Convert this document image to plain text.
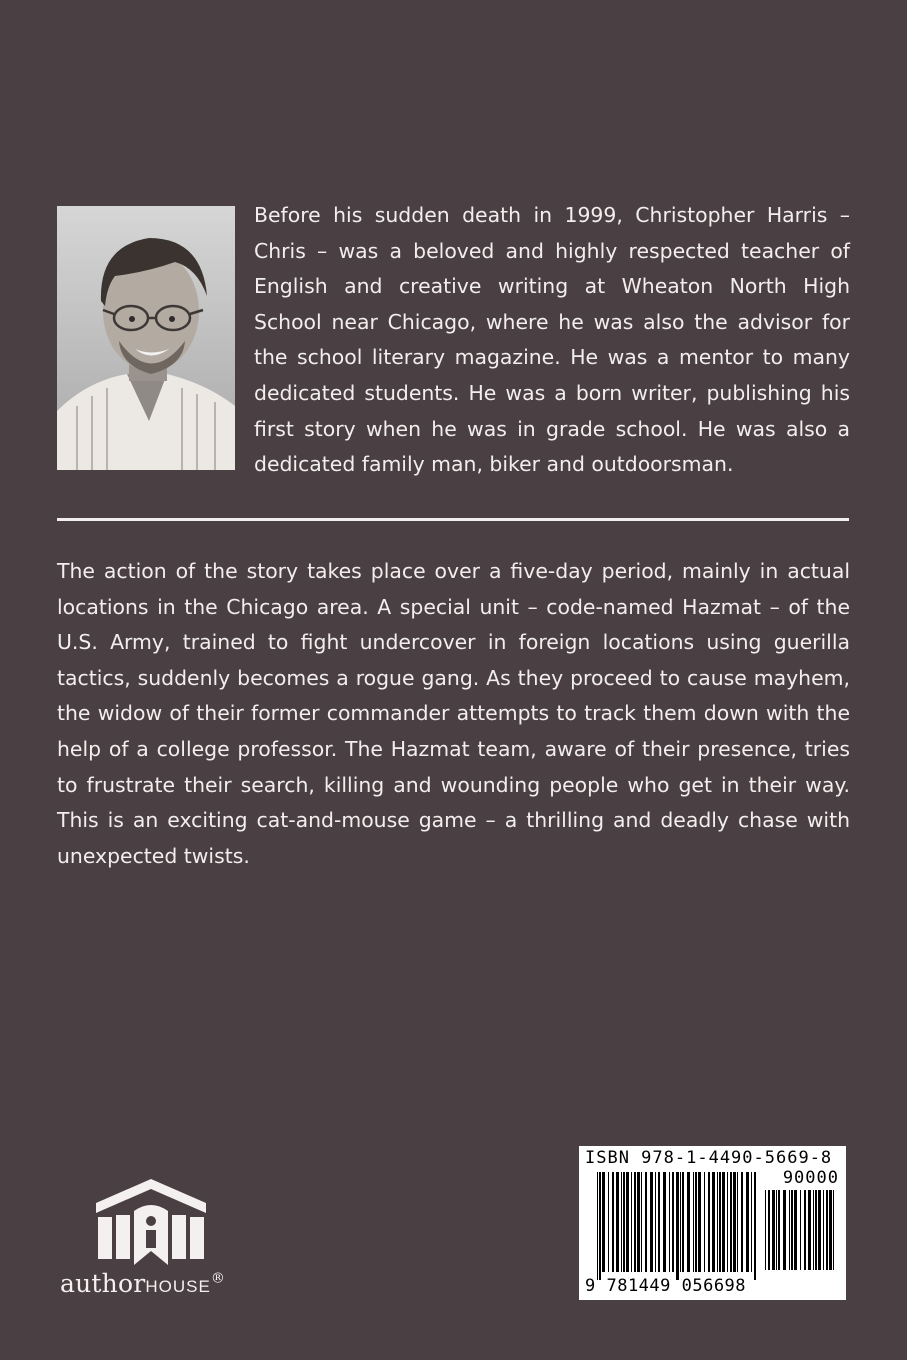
Before his sudden death in 1999, Christopher Harris – Chris – was a beloved and highly respected teacher of English and creative writing at Wheaton North High School near Chicago, where he was also the advisor for the school literary magazine. He was a mentor to many dedicated students. He was a born writer, publishing his first story when he was in grade school. He was also a dedicated family man, biker and outdoorsman.

The action of the story takes place over a five-day period, mainly in actual locations in the Chicago area. A special unit – code-named Hazmat – of the U.S. Army, trained to fight undercover in foreign locations using guerilla tactics, suddenly becomes a rogue gang. As they proceed to cause mayhem, the widow of their former commander attempts to track them down with the help of a college professor. The Hazmat team, aware of their presence, tries to frustrate their search, killing and wounding people who get in their way. This is an exciting cat-and-mouse game – a thrilling and deadly chase with unexpected twists.

authorHOUSE®
ISBN 978-1-4490-5669-8
90000
9 781449 056698
